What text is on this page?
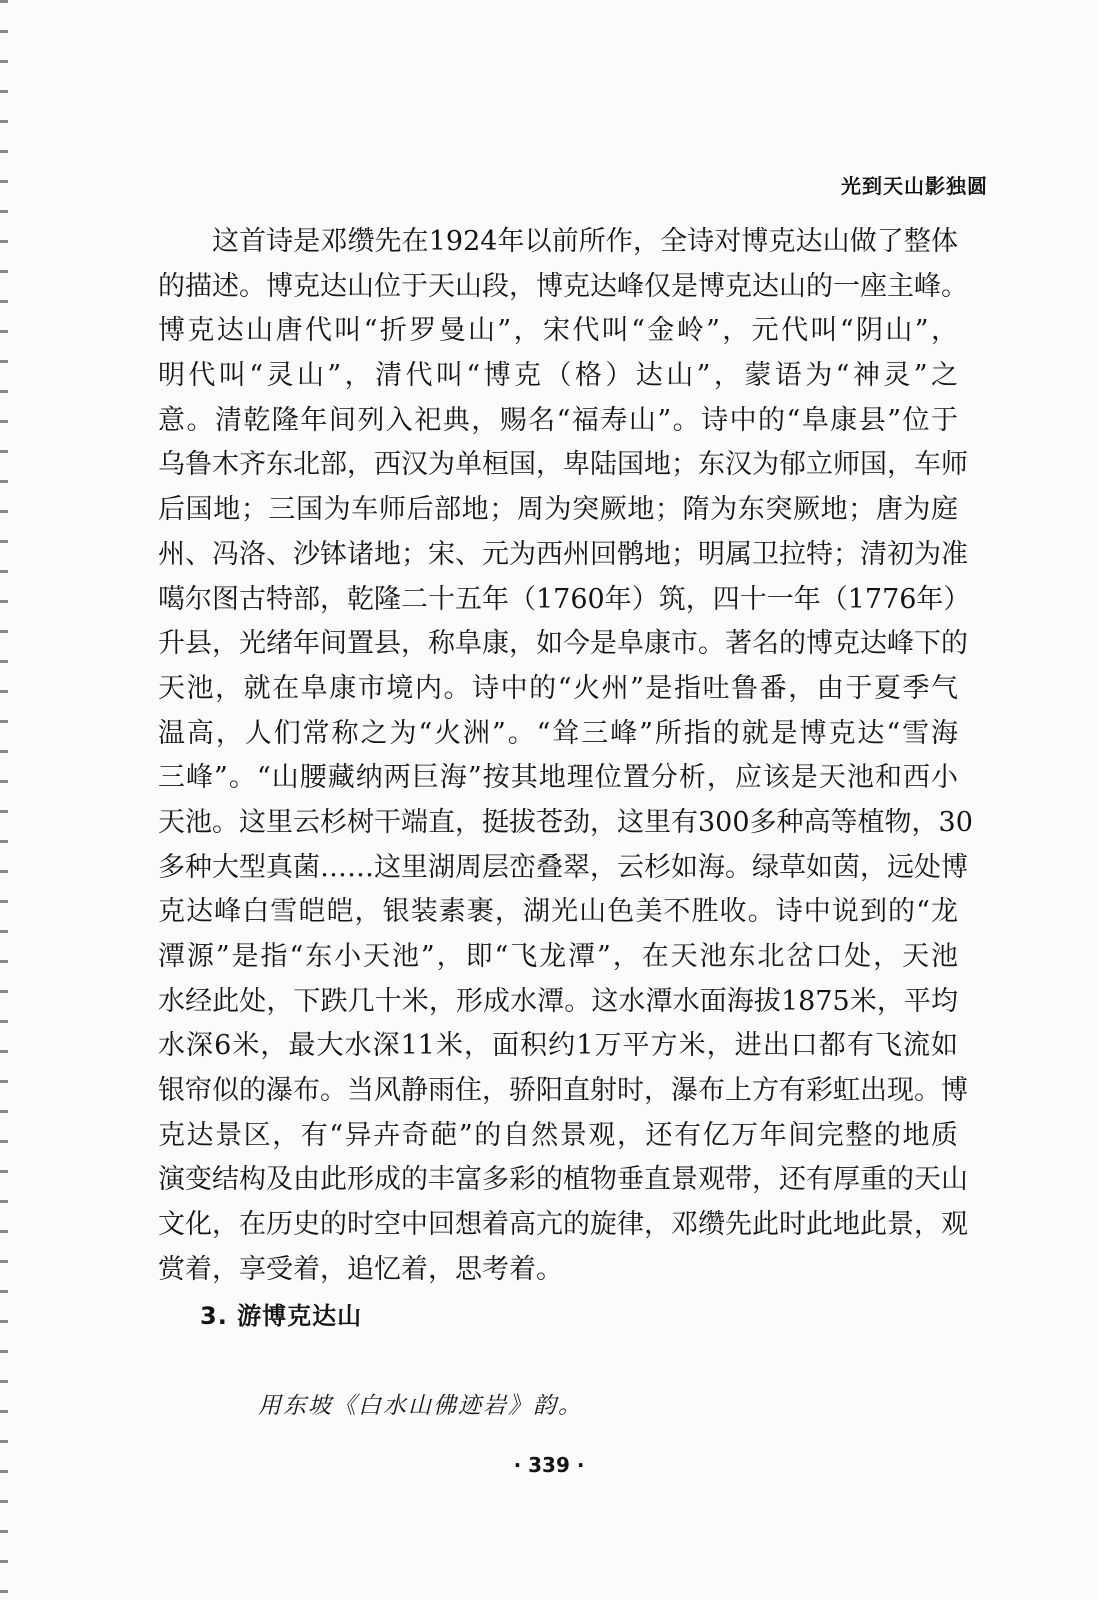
光到天山影独圆
这首诗是邓缵先在1924年以前所作，全诗对博克达山做了整体
的描述。博克达山位于天山段，博克达峰仅是博克达山的一座主峰。
博克达山唐代叫“折罗曼山”，宋代叫“金岭”，元代叫“阴山”，
明代叫“灵山”，清代叫“博克（格）达山”，蒙语为“神灵”之
意。清乾隆年间列入祀典，赐名“福寿山”。诗中的“阜康县”位于
乌鲁木齐东北部，西汉为单桓国，卑陆国地；东汉为郁立师国，车师
后国地；三国为车师后部地；周为突厥地；隋为东突厥地；唐为庭
州、冯洛、沙钵诸地；宋、元为西州回鹘地；明属卫拉特；清初为准
噶尔图古特部，乾隆二十五年（1760年）筑，四十一年（1776年）
升县，光绪年间置县，称阜康，如今是阜康市。著名的博克达峰下的
天池，就在阜康市境内。诗中的“火州”是指吐鲁番，由于夏季气
温高，人们常称之为“火洲”。“耸三峰”所指的就是博克达“雪海
三峰”。“山腰藏纳两巨海”按其地理位置分析，应该是天池和西小
天池。这里云杉树干端直，挺拔苍劲，这里有300多种高等植物，30
多种大型真菌……这里湖周层峦叠翠，云杉如海。绿草如茵，远处博
克达峰白雪皑皑，银装素裹，湖光山色美不胜收。诗中说到的“龙
潭源”是指“东小天池”，即“飞龙潭”，在天池东北岔口处，天池
水经此处，下跌几十米，形成水潭。这水潭水面海拔1875米，平均
水深6米，最大水深11米，面积约1万平方米，进出口都有飞流如
银帘似的瀑布。当风静雨住，骄阳直射时，瀑布上方有彩虹出现。博
克达景区，有“异卉奇葩”的自然景观，还有亿万年间完整的地质
演变结构及由此形成的丰富多彩的植物垂直景观带，还有厚重的天山
文化，在历史的时空中回想着高亢的旋律，邓缵先此时此地此景，观
赏着，享受着，追忆着，思考着。
3. 游博克达山
用东坡《白水山佛迹岩》韵。
· 339 ·
